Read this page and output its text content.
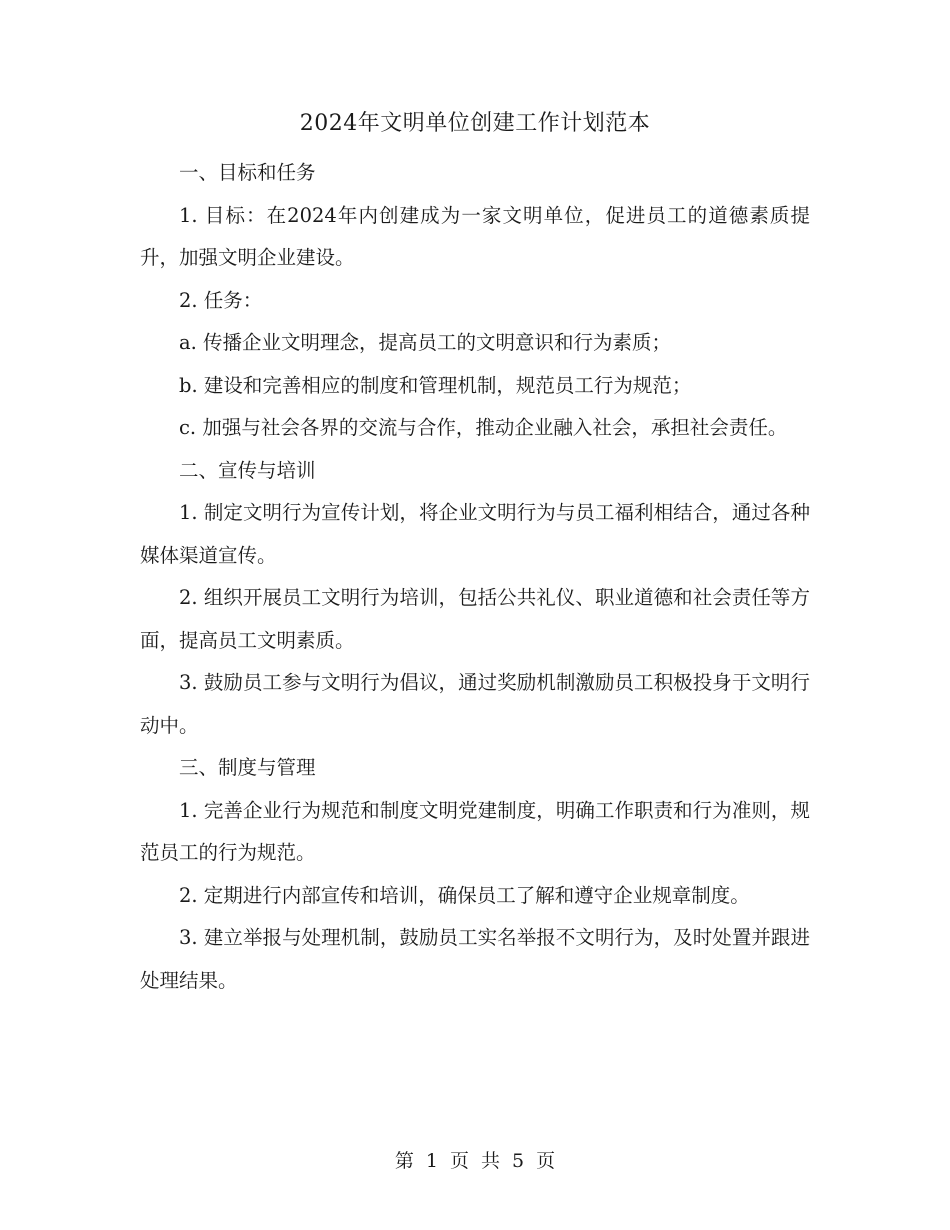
2024年文明单位创建工作计划范本

一、目标和任务

1. 目标：在2024年内创建成为一家文明单位，促进员工的道德素质提升，加强文明企业建设。

2. 任务：

a. 传播企业文明理念，提高员工的文明意识和行为素质；

b. 建设和完善相应的制度和管理机制，规范员工行为规范；

c. 加强与社会各界的交流与合作，推动企业融入社会，承担社会责任。

二、宣传与培训

1. 制定文明行为宣传计划，将企业文明行为与员工福利相结合，通过各种媒体渠道宣传。

2. 组织开展员工文明行为培训，包括公共礼仪、职业道德和社会责任等方面，提高员工文明素质。

3. 鼓励员工参与文明行为倡议，通过奖励机制激励员工积极投身于文明行动中。

三、制度与管理

1. 完善企业行为规范和制度文明党建制度，明确工作职责和行为准则，规范员工的行为规范。

2. 定期进行内部宣传和培训，确保员工了解和遵守企业规章制度。

3. 建立举报与处理机制，鼓励员工实名举报不文明行为，及时处置并跟进处理结果。

第 1 页 共 5 页
